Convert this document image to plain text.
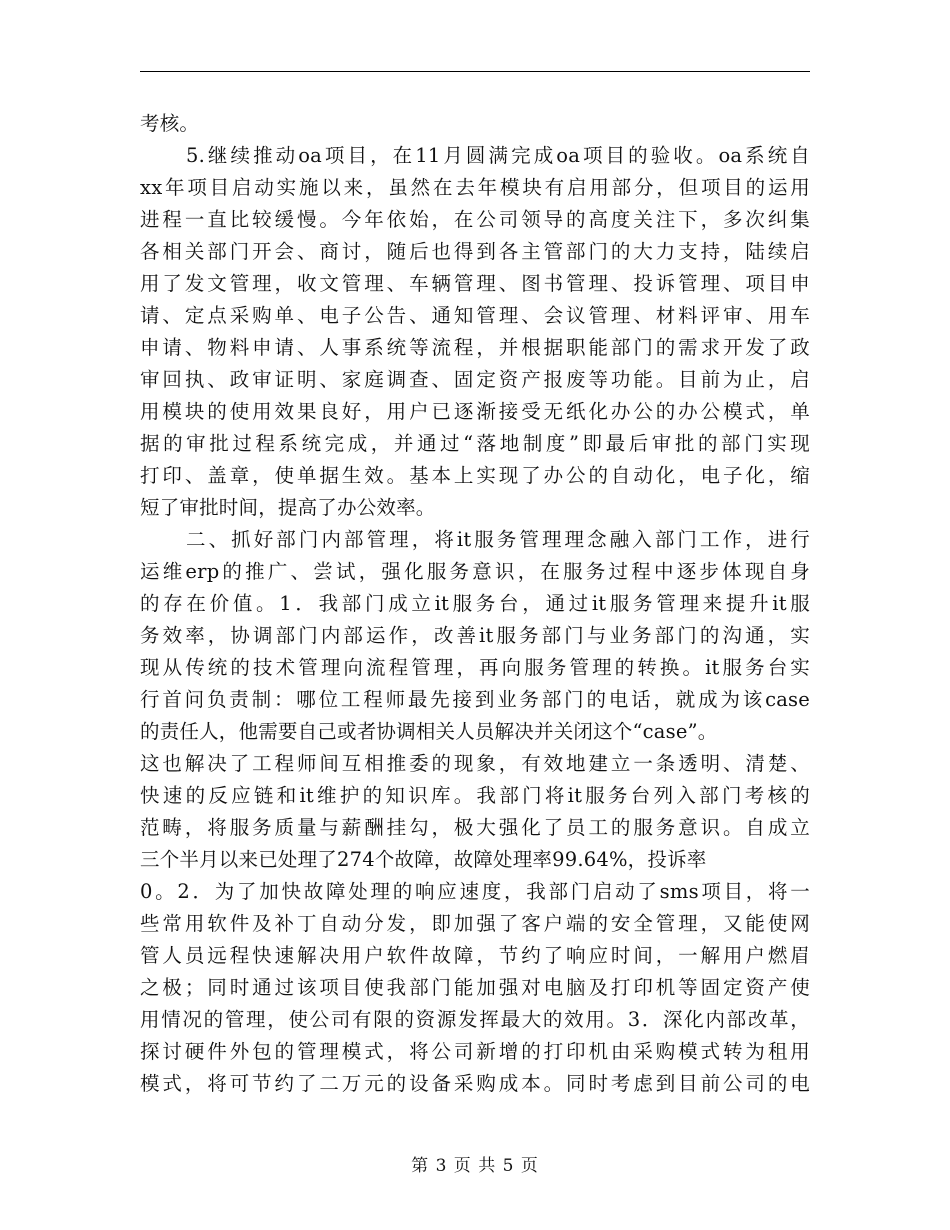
考核。
5.继续推动oa项目，在11月圆满完成oa项目的验收。oa系统自
xx年项目启动实施以来，虽然在去年模块有启用部分，但项目的运用
进程一直比较缓慢。今年依始，在公司领导的高度关注下，多次纠集
各相关部门开会、商讨，随后也得到各主管部门的大力支持，陆续启
用了发文管理，收文管理、车辆管理、图书管理、投诉管理、项目申
请、定点采购单、电子公告、通知管理、会议管理、材料评审、用车
申请、物料申请、人事系统等流程，并根据职能部门的需求开发了政
审回执、政审证明、家庭调查、固定资产报废等功能。目前为止，启
用模块的使用效果良好，用户已逐渐接受无纸化办公的办公模式，单
据的审批过程系统完成，并通过“落地制度”即最后审批的部门实现
打印、盖章，使单据生效。基本上实现了办公的自动化，电子化，缩
短了审批时间，提高了办公效率。
二、抓好部门内部管理，将it服务管理理念融入部门工作，进行
运维erp的推广、尝试，强化服务意识，在服务过程中逐步体现自身
的存在价值。1．我部门成立it服务台，通过it服务管理来提升it服
务效率，协调部门内部运作，改善it服务部门与业务部门的沟通，实
现从传统的技术管理向流程管理，再向服务管理的转换。it服务台实
行首问负责制：哪位工程师最先接到业务部门的电话，就成为该case
的责任人，他需要自己或者协调相关人员解决并关闭这个“case”。
这也解决了工程师间互相推委的现象，有效地建立一条透明、清楚、
快速的反应链和it维护的知识库。我部门将it服务台列入部门考核的
范畴，将服务质量与薪酬挂勾，极大强化了员工的服务意识。自成立
三个半月以来已处理了274个故障，故障处理率99.64%，投诉率
0。2．为了加快故障处理的响应速度，我部门启动了sms项目，将一
些常用软件及补丁自动分发，即加强了客户端的安全管理，又能使网
管人员远程快速解决用户软件故障，节约了响应时间，一解用户燃眉
之极；同时通过该项目使我部门能加强对电脑及打印机等固定资产使
用情况的管理，使公司有限的资源发挥最大的效用。3．深化内部改革，
探讨硬件外包的管理模式，将公司新增的打印机由采购模式转为租用
模式，将可节约了二万元的设备采购成本。同时考虑到目前公司的电
第 3 页 共 5 页
